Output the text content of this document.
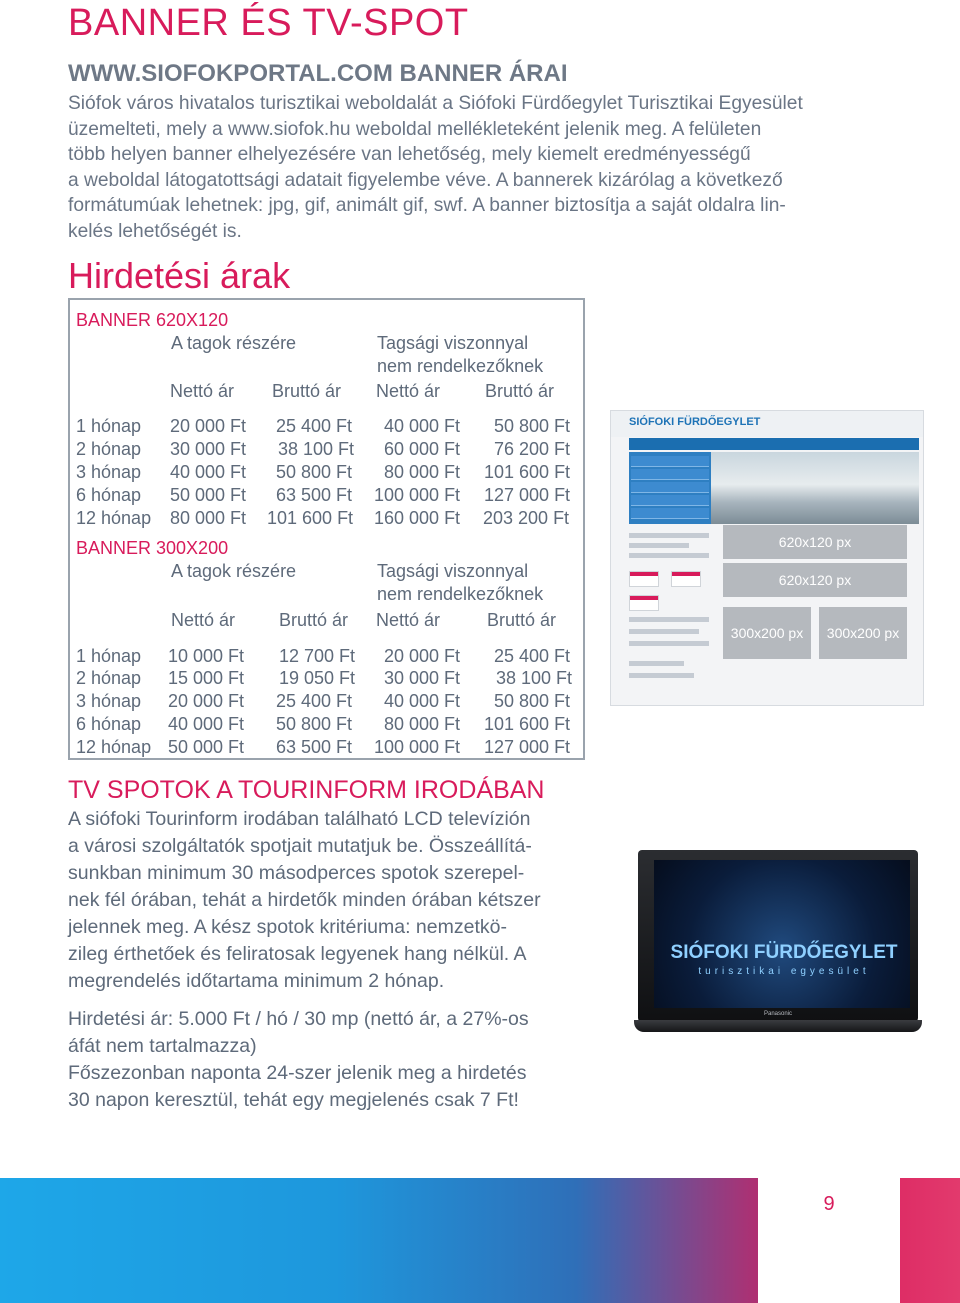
BANNER ÉS TV-SPOT
WWW.SIOFOKPORTAL.COM BANNER ÁRAI
Siófok város hivatalos turisztikai weboldalát a Siófoki Fürdőegylet Turisztikai Egyesület
üzemelteti, mely a www.siofok.hu weboldal mellékleteként jelenik meg. A felületen
több helyen banner elhelyezésére van lehetőség, mely kiemelt eredményességű
a weboldal látogatottsági adatait figyelembe véve. A bannerek kizárólag a következő
formátumúak lehetnek: jpg, gif, animált gif, swf. A banner biztosítja a saját oldalra lin-
kelés lehetőségét is.
Hirdetési árak
BANNER 620X120
A tagok részére	Tagsági viszonnyal
nem rendelkezőknek
Nettó ár Bruttó ár Nettó ár Bruttó ár
1 hónap 20 000 Ft 25 400 Ft 40 000 Ft 50 800 Ft
2 hónap 30 000 Ft 38 100 Ft 60 000 Ft 76 200 Ft
3 hónap 40 000 Ft 50 800 Ft 80 000 Ft 101 600 Ft
6 hónap 50 000 Ft 63 500 Ft 100 000 Ft 127 000 Ft
12 hónap 80 000 Ft 101 600 Ft 160 000 Ft 203 200 Ft
BANNER 300X200
A tagok részére	Tagsági viszonnyal
nem rendelkezőknek
Nettó ár Bruttó ár Nettó ár	Bruttó ár
1 hónap 10 000 Ft 12 700 Ft 20 000 Ft 25 400 Ft
2 hónap 15 000 Ft 19 050 Ft 30 000 Ft 38 100 Ft
3 hónap 20 000 Ft 25 400 Ft 40 000 Ft 50 800 Ft
6 hónap 40 000 Ft 50 800 Ft 80 000 Ft 101 600 Ft
12 hónap 50 000 Ft 63 500 Ft 100 000 Ft 127 000 Ft
SIÓFOKI FÜRDŐEGYLET
620x120 px
620x120 px
300x200 px	300x200 px
TV SPOTOK A TOURINFORM IRODÁBAN
A siófoki Tourinform irodában található LCD televízión
a városi szolgáltatók spotjait mutatjuk be. Összeállítá-
sunkban minimum 30 másodperces spotok szerepel-
nek fél órában, tehát a hirdetők minden órában kétszer
jelennek meg. A kész spotok kritériuma: nemzetkö-
zileg érthetőek és feliratosak legyenek hang nélkül. A
megrendelés időtartama minimum 2 hónap.
Hirdetési ár: 5.000 Ft / hó / 30 mp (nettó ár, a 27%-os
áfát nem tartalmazza)
Főszezonban naponta 24-szer jelenik meg a hirdetés
30 napon keresztül, tehát egy megjelenés csak 7 Ft!
SIÓFOKI FÜRDŐEGYLET
turisztikai egyesület
Panasonic
9
